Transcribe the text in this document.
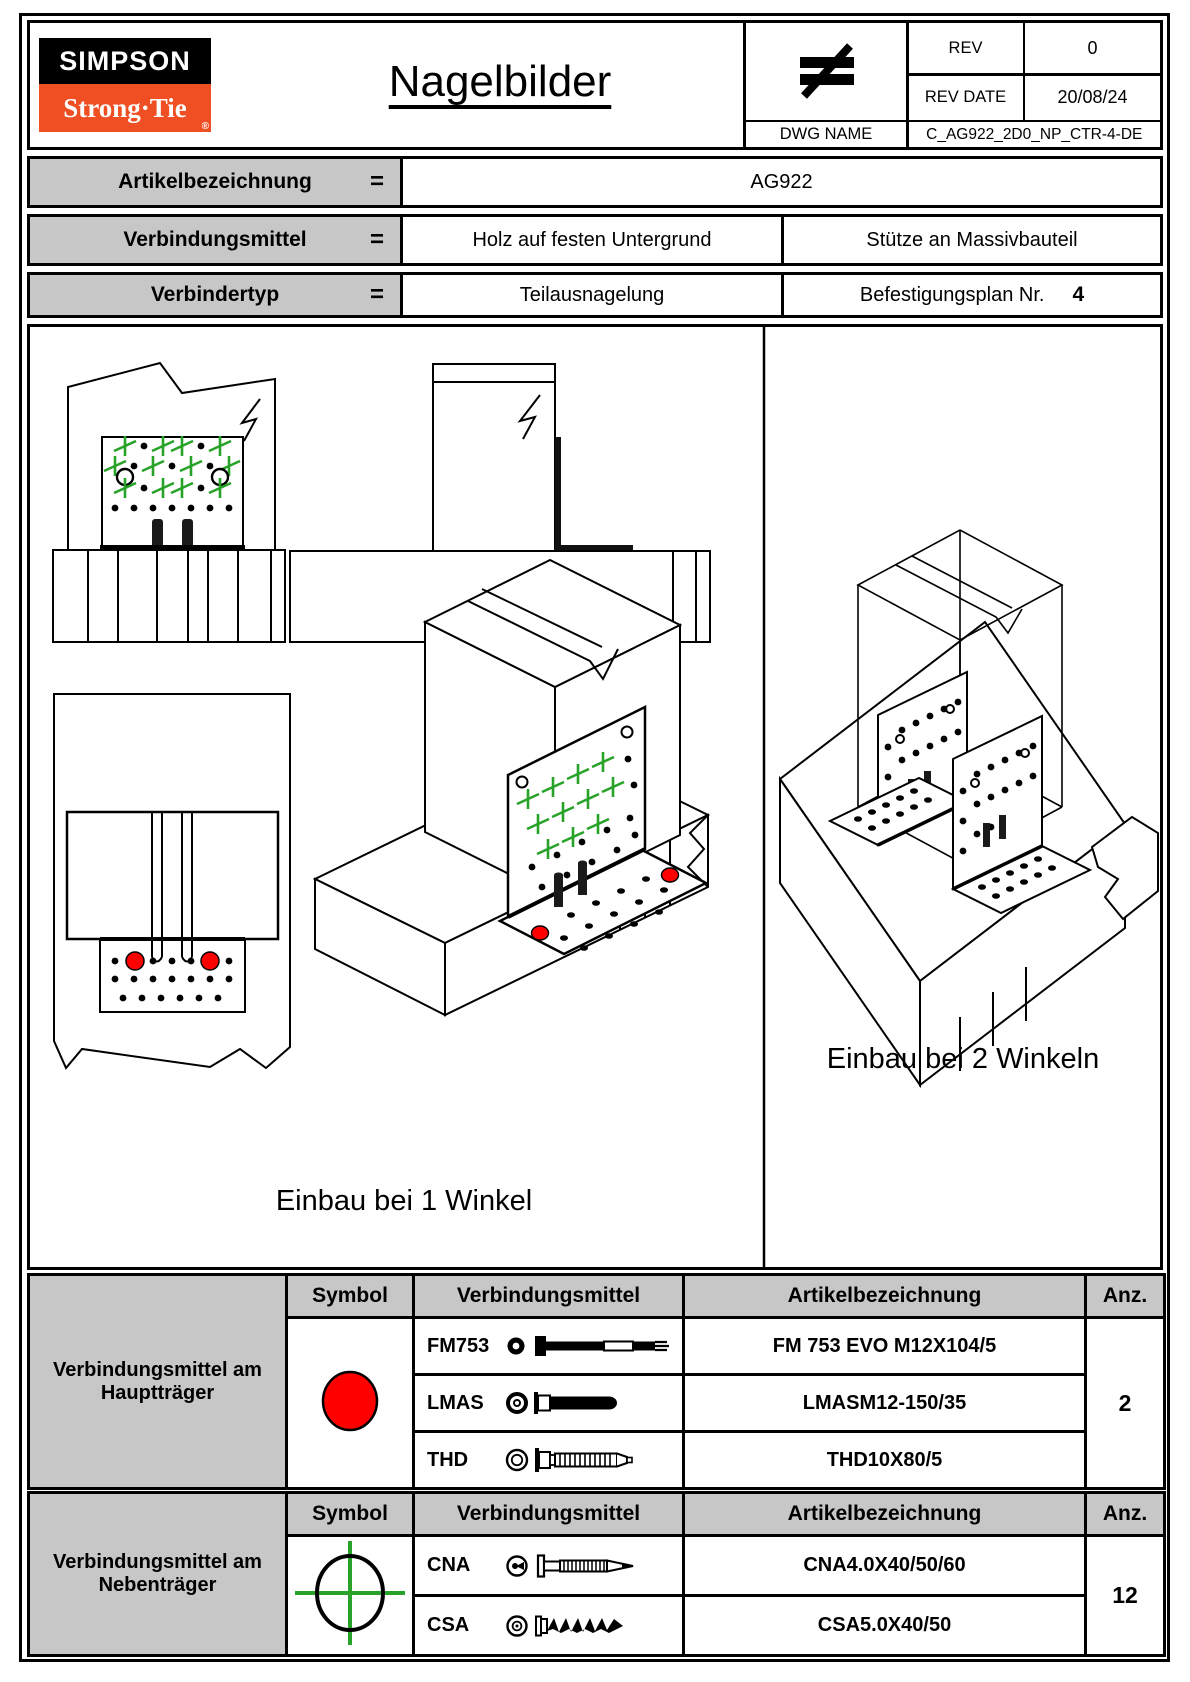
SIMPSON
Strong·Tie
®
Nagelbilder
REV	0
REV DATE	20/08/24
DWG NAME	C_AG922_2D0_NP_CTR-4-DE
Artikelbezeichnung =	AG922
Verbindungsmittel	=	Holz auf festen Untergrund	Stütze an Massivbauteil
Verbindertyp	=	Teilausnagelung	Befestigungsplan Nr. 4
Einbau bei 1 Winkel
Einbau bei 2 Winkeln
Verbindungsmittel am Hauptträger	Symbol	Verbindungsmittel	Artikelbezeichnung	Anz.

FM753	FM 753 EVO M12X104/5	2

		LMAS	LMASM12-150/35	

		THD	THD10X80/5	
Verbindungsmittel am Nebenträger	Symbol	Verbindungsmittel	Artikelbezeichnung	Anz.

CNA	CNA4.0X40/50/60	12

		CSA	CSA5.0X40/50	
